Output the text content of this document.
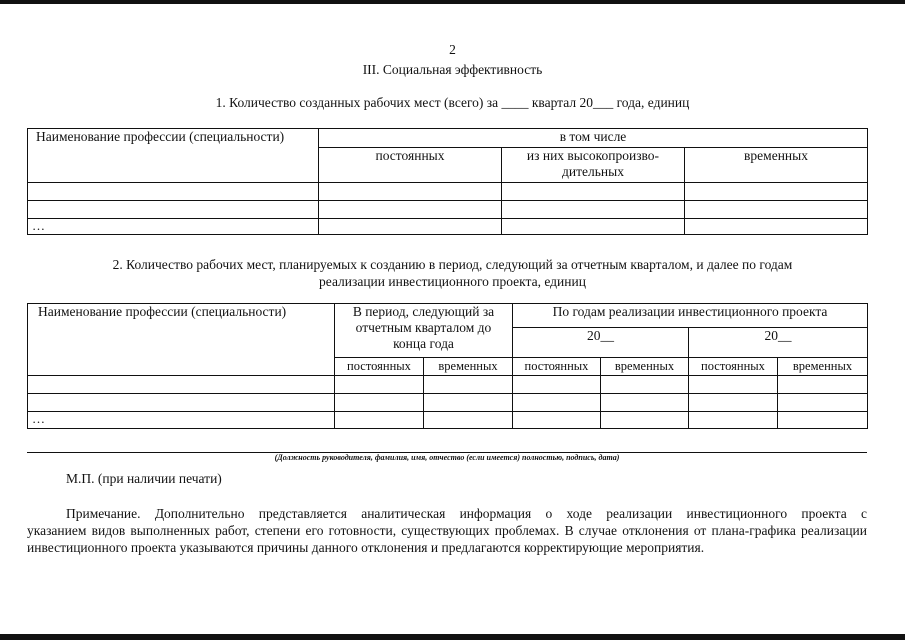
2
III. Социальная эффективность
1. Количество созданных рабочих мест (всего) за ____ квартал 20___ года, единиц
Наименование профессии (специальности)	в том числе		
	постоянных	из них высокопроизво-дительных	временных

…			
2. Количество рабочих мест, планируемых к созданию в период, следующий за отчетным кварталом, и далее по годам
реализации инвестиционного проекта, единиц
Наименование профессии (специальности)	В период, следующий за отчетным кварталом до конца года		По годам реализации инвестиционного проекта			
			20__		20__	
	постоянных	временных	постоянных	временных	постоянных	временных

…						
(Должность руководителя, фамилия, имя, отчество (если имеется) полностью, подпись, дата)
М.П. (при наличии печати)
Примечание. Дополнительно представляется аналитическая информация о ходе реализации инвестиционного проекта с
указанием видов выполненных работ, степени его готовности, существующих проблемах. В случае отклонения от плана-графика реализации инвестиционного проекта указываются причины данного отклонения и предлагаются корректирующие мероприятия.
